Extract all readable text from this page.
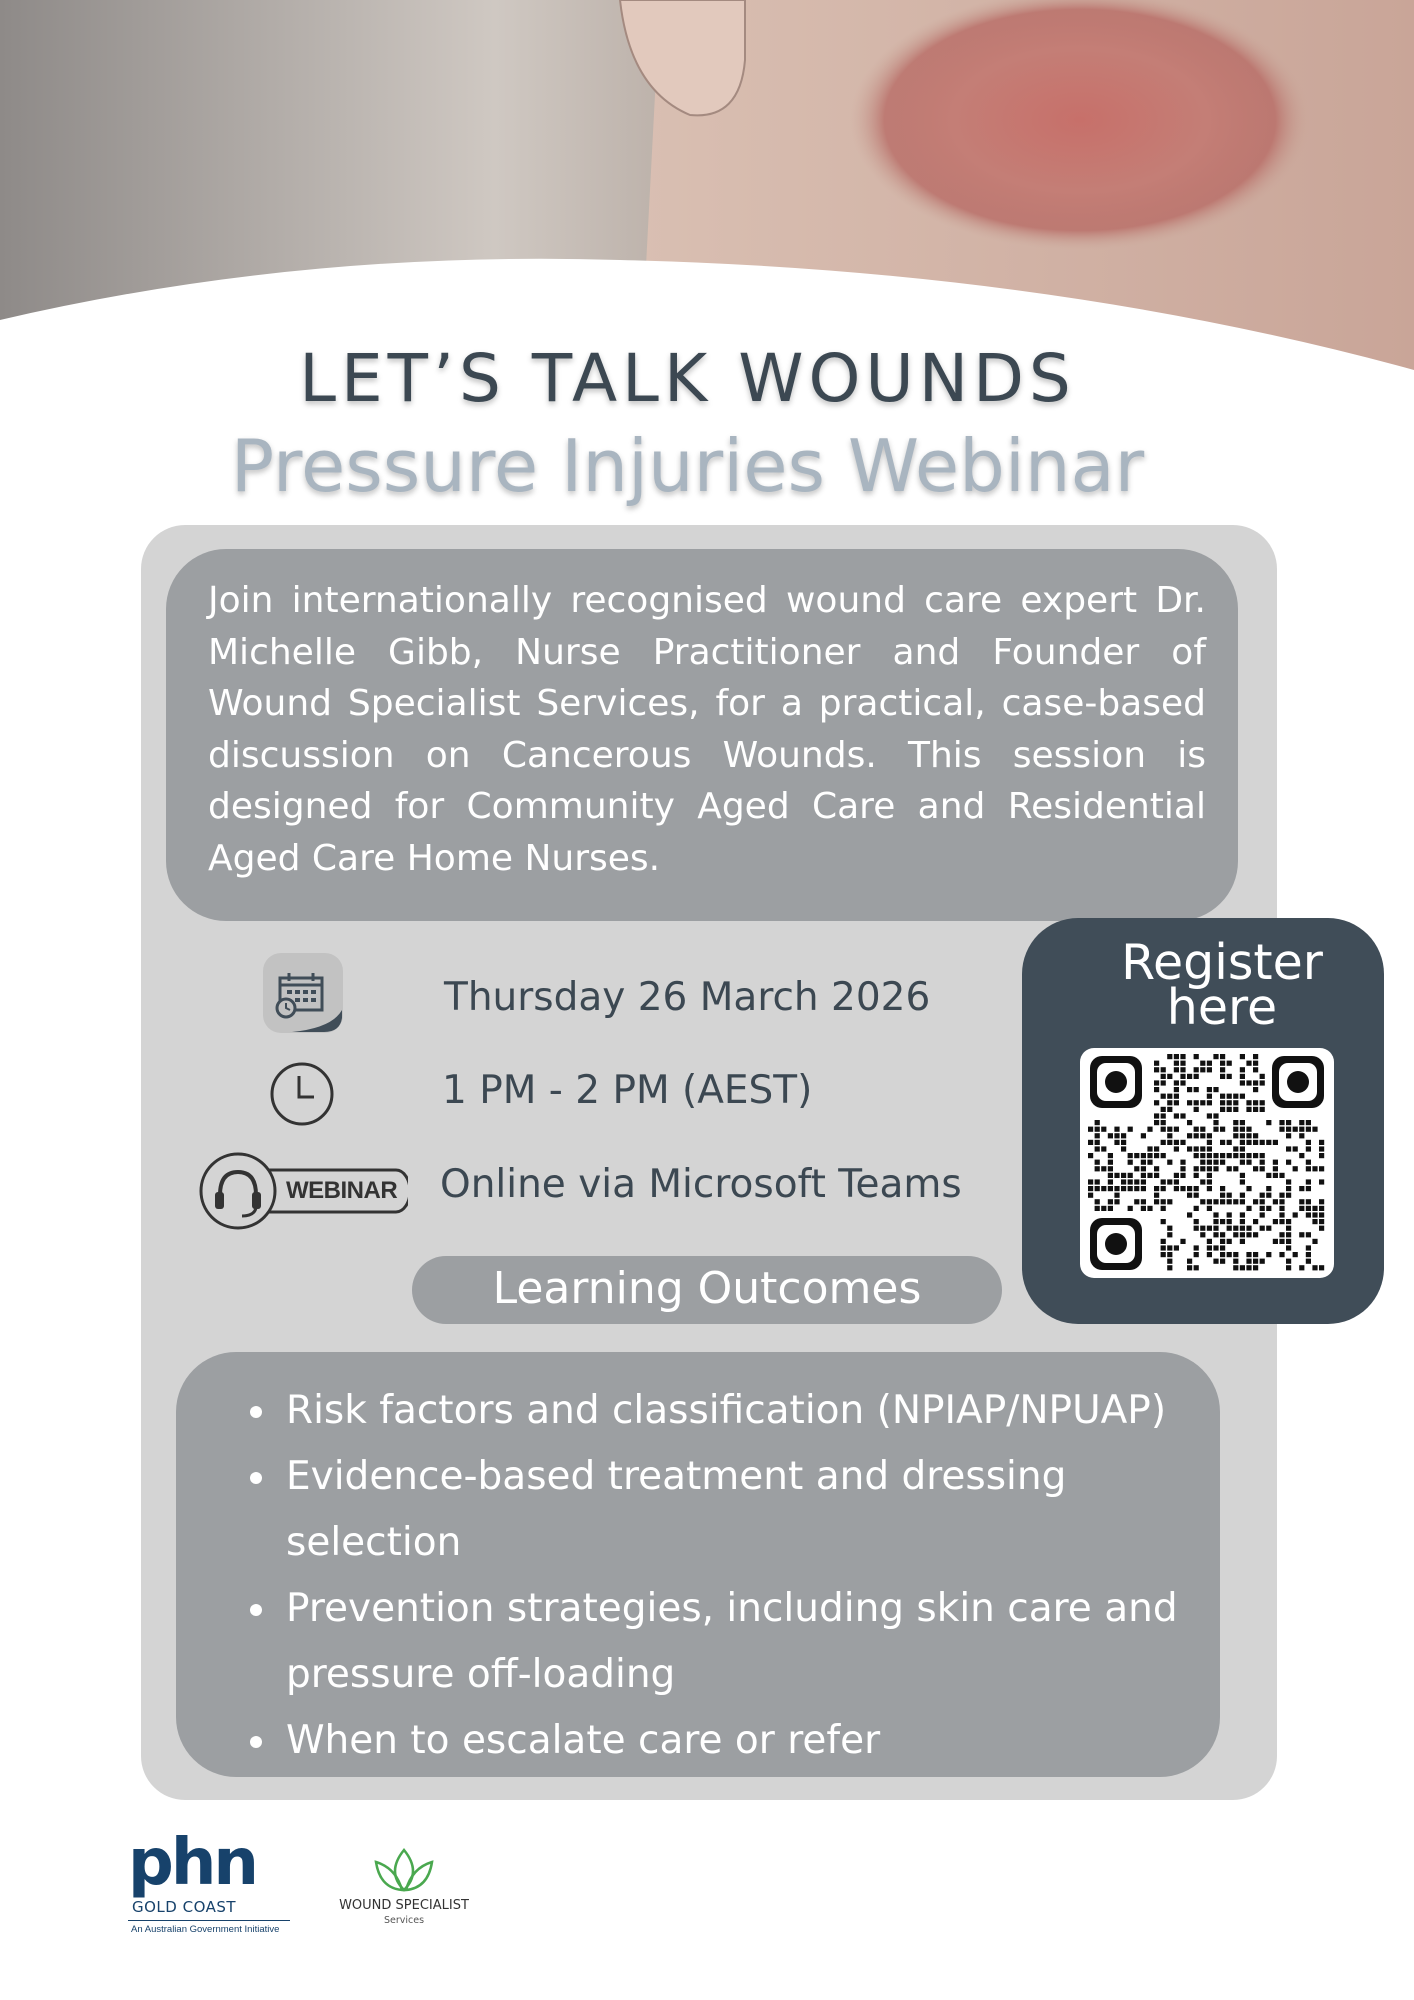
LET’S TALK WOUNDS
Pressure Injuries Webinar
Join internationally recognised wound care expert Dr. Michelle Gibb, Nurse Practitioner and Founder of Wound Specialist Services, for a practical, case-based discussion on Cancerous Wounds. This session is designed for Community Aged Care and Residential Aged Care Home Nurses.
WEBINAR
Thursday 26 March 2026
1 PM - 2 PM (AEST)
Online via Microsoft Teams
Learning Outcomes
• Risk factors and classification (NPIAP/NPUAP)
• Evidence-based treatment and dressing selection
• Prevention strategies, including skin care and pressure off-loading
• When to escalate care or refer
Register
here
phn
GOLD COAST
An Australian Government Initiative
WOUND SPECIALIST
Services
